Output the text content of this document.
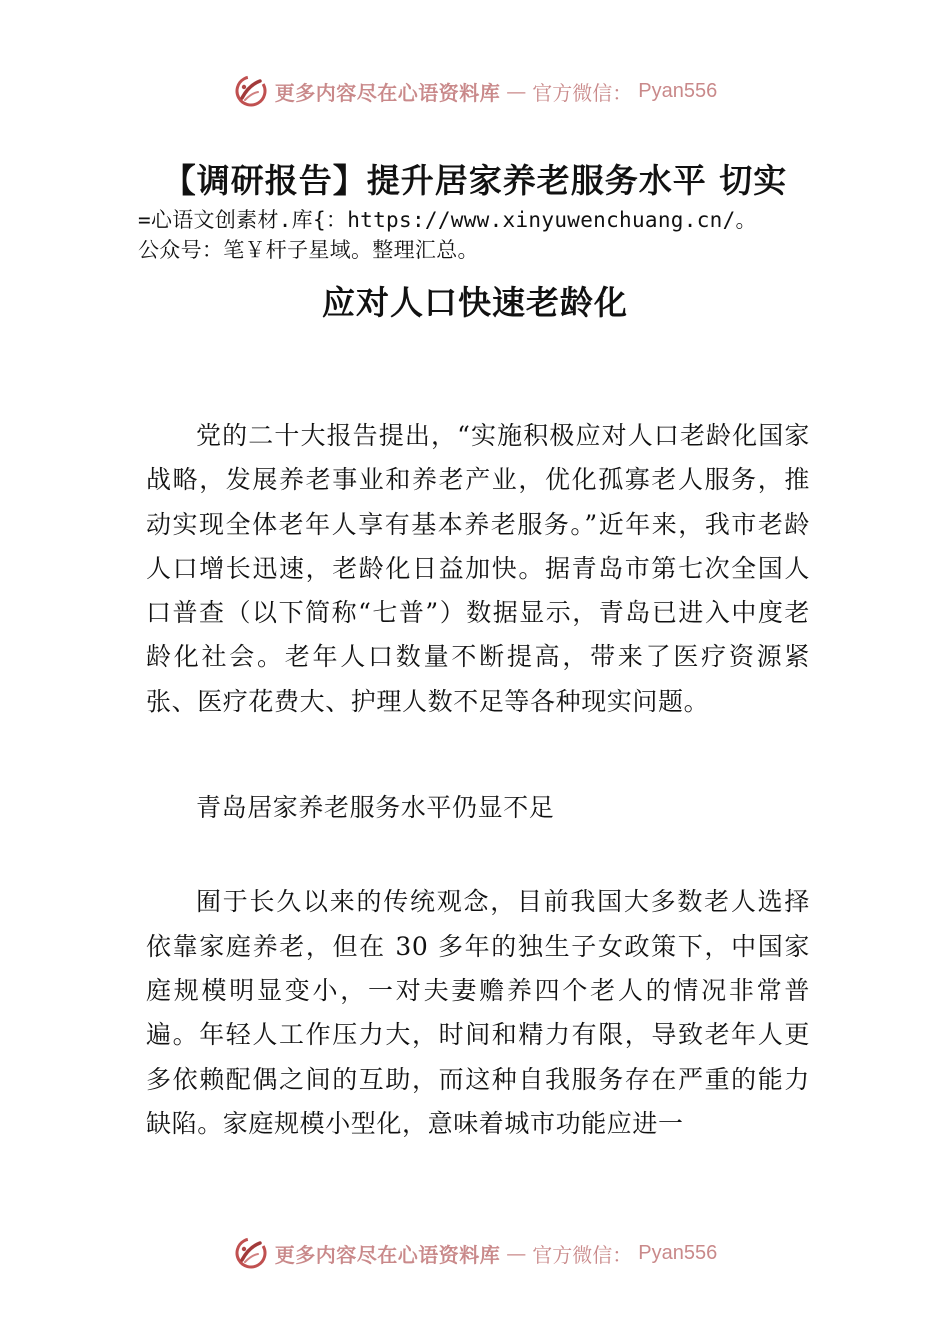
更多内容尽在心语资料库 — 官方微信： Pyan556
【调研报告】提升居家养老服务水平 切实
=心语文创素材.库{：https://www.xinyuwenchuang.cn/。
公众号：笔￥杆子星域。整理汇总。
应对人口快速老龄化

党的二十大报告提出，“实施积极应对人口老龄化国家战略，发展养老事业和养老产业，优化孤寡老人服务，推动实现全体老年人享有基本养老服务。”近年来，我市老龄人口增长迅速，老龄化日益加快。据青岛市第七次全国人口普查（以下简称“七普”）数据显示，青岛已进入中度老龄化社会。老年人口数量不断提高，带来了医疗资源紧张、医疗花费大、护理人数不足等各种现实问题。

青岛居家养老服务水平仍显不足

囿于长久以来的传统观念，目前我国大多数老人选择依靠家庭养老，但在 30 多年的独生子女政策下，中国家庭规模明显变小，一对夫妻赡养四个老人的情况非常普遍。年轻人工作压力大，时间和精力有限，导致老年人更多依赖配偶之间的互助，而这种自我服务存在严重的能力缺陷。家庭规模小型化，意味着城市功能应进一

更多内容尽在心语资料库 — 官方微信： Pyan556
